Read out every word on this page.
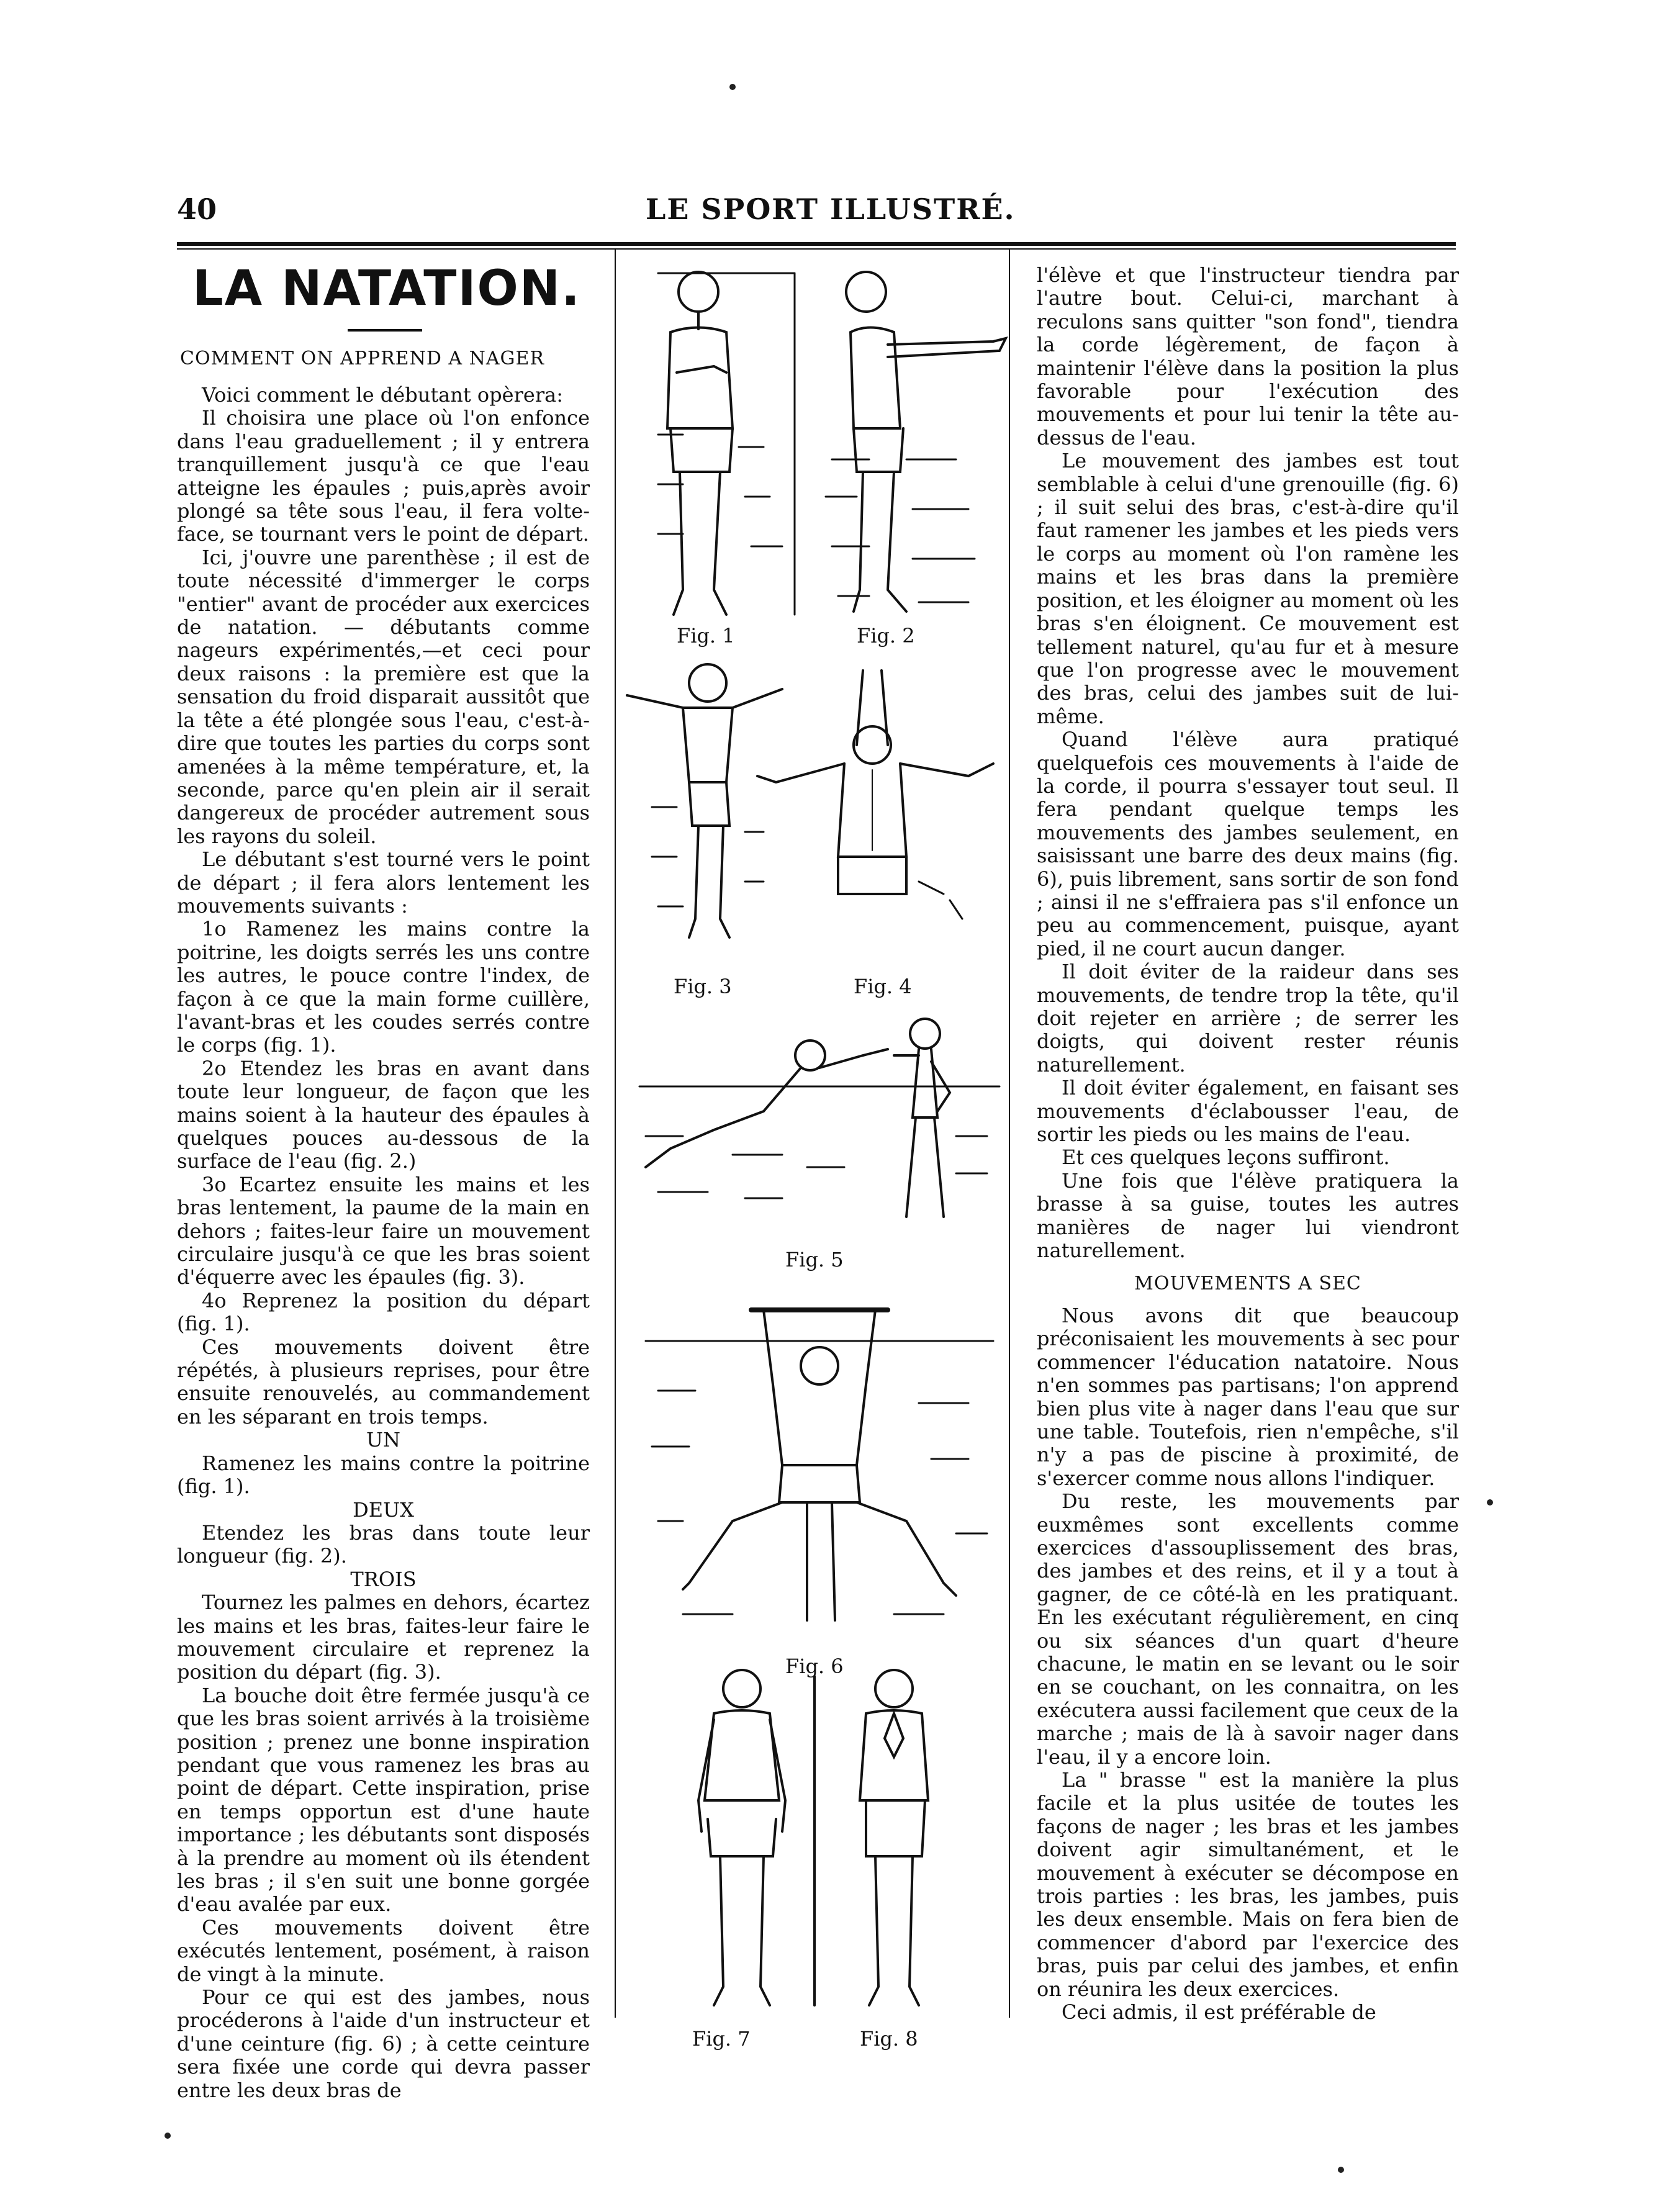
40	LE SPORT ILLUSTRÉ.
LA NATATION.
COMMENT ON APPREND A NAGER

Voici comment le débutant opèrera:

Il choisira une place où l'on enfonce dans l'eau graduellement ; il y entrera tranquillement jusqu'à ce que l'eau atteigne les épaules ; puis,après avoir plongé sa tête sous l'eau, il fera volte-face, se tournant vers le point de départ.

Ici, j'ouvre une parenthèse ; il est de toute nécessité d'immerger le corps "entier" avant de procéder aux exercices de natation. — débutants comme nageurs expérimentés,—et ceci pour deux raisons : la première est que la sensation du froid disparait aussitôt que la tête a été plongée sous l'eau, c'est-à-dire que toutes les parties du corps sont amenées à la même température, et, la seconde, parce qu'en plein air il serait dangereux de procéder autrement sous les rayons du soleil.

Le débutant s'est tourné vers le point de départ ; il fera alors lentement les mouvements suivants :

1o Ramenez les mains contre la poitrine, les doigts serrés les uns contre les autres, le pouce contre l'index, de façon à ce que la main forme cuillère, l'avant-bras et les coudes serrés contre le corps (fig. 1).

2o Etendez les bras en avant dans toute leur longueur, de façon que les mains soient à la hauteur des épaules à quelques pouces au-dessous de la surface de l'eau (fig. 2.)

3o Ecartez ensuite les mains et les bras lentement, la paume de la main en dehors ; faites-leur faire un mouvement circulaire jusqu'à ce que les bras soient d'équerre avec les épaules (fig. 3).

4o Reprenez la position du départ (fig. 1).

Ces mouvements doivent être répétés, à plusieurs reprises, pour être ensuite renouvelés, au commandement en les séparant en trois temps.

UN

Ramenez les mains contre la poitrine (fig. 1).

DEUX

Etendez les bras dans toute leur longueur (fig. 2).

TROIS

Tournez les palmes en dehors, écartez les mains et les bras, faites-leur faire le mouvement circulaire et reprenez la position du départ (fig. 3).

La bouche doit être fermée jusqu'à ce que les bras soient arrivés à la troisième position ; prenez une bonne inspiration pendant que vous ramenez les bras au point de départ. Cette inspiration, prise en temps opportun est d'une haute importance ; les débutants sont disposés à la prendre au moment où ils étendent les bras ; il s'en suit une bonne gorgée d'eau avalée par eux.

Ces mouvements doivent être exécutés lentement, posément, à raison de vingt à la minute.

Pour ce qui est des jambes, nous procéderons à l'aide d'un instructeur et d'une ceinture (fig. 6) ; à cette ceinture sera fixée une corde qui devra passer entre les deux bras de

Fig. 1	Fig. 2
Fig. 3	Fig. 4
Fig. 5
Fig. 6
Fig. 7	Fig. 8

l'élève et que l'instructeur tiendra par l'autre bout. Celui-ci, marchant à reculons sans quitter "son fond", tiendra la corde légèrement, de façon à maintenir l'élève dans la position la plus favorable pour l'exécution des mouvements et pour lui tenir la tête au-dessus de l'eau.

Le mouvement des jambes est tout semblable à celui d'une grenouille (fig. 6) ; il suit selui des bras, c'est-à-dire qu'il faut ramener les jambes et les pieds vers le corps au moment où l'on ramène les mains et les bras dans la première position, et les éloigner au moment où les bras s'en éloignent. Ce mouvement est tellement naturel, qu'au fur et à mesure que l'on progresse avec le mouvement des bras, celui des jambes suit de lui-même.

Quand l'élève aura pratiqué quelquefois ces mouvements à l'aide de la corde, il pourra s'essayer tout seul. Il fera pendant quelque temps les mouvements des jambes seulement, en saisissant une barre des deux mains (fig. 6), puis librement, sans sortir de son fond ; ainsi il ne s'effraiera pas s'il enfonce un peu au commencement, puisque, ayant pied, il ne court aucun danger.

Il doit éviter de la raideur dans ses mouvements, de tendre trop la tête, qu'il doit rejeter en arrière ; de serrer les doigts, qui doivent rester réunis naturellement.

Il doit éviter également, en faisant ses mouvements d'éclabousser l'eau, de sortir les pieds ou les mains de l'eau.

Et ces quelques leçons suffiront.

Une fois que l'élève pratiquera la brasse à sa guise, toutes les autres manières de nager lui viendront naturellement.

MOUVEMENTS A SEC

Nous avons dit que beaucoup préconisaient les mouvements à sec pour commencer l'éducation natatoire. Nous n'en sommes pas partisans; l'on apprend bien plus vite à nager dans l'eau que sur une table. Toutefois, rien n'empêche, s'il n'y a pas de piscine à proximité, de s'exercer comme nous allons l'indiquer.

Du reste, les mouvements par euxmêmes sont excellents comme exercices d'assouplissement des bras, des jambes et des reins, et il y a tout à gagner, de ce côté-là en les pratiquant. En les exécutant régulièrement, en cinq ou six séances d'un quart d'heure chacune, le matin en se levant ou le soir en se couchant, on les connaitra, on les exécutera aussi facilement que ceux de la marche ; mais de là à savoir nager dans l'eau, il y a encore loin.

La " brasse " est la manière la plus facile et la plus usitée de toutes les façons de nager ; les bras et les jambes doivent agir simultanément, et le mouvement à exécuter se décompose en trois parties : les bras, les jambes, puis les deux ensemble. Mais on fera bien de commencer d'abord par l'exercice des bras, puis par celui des jambes, et enfin on réunira les deux exercices.

Ceci admis, il est préférable de
